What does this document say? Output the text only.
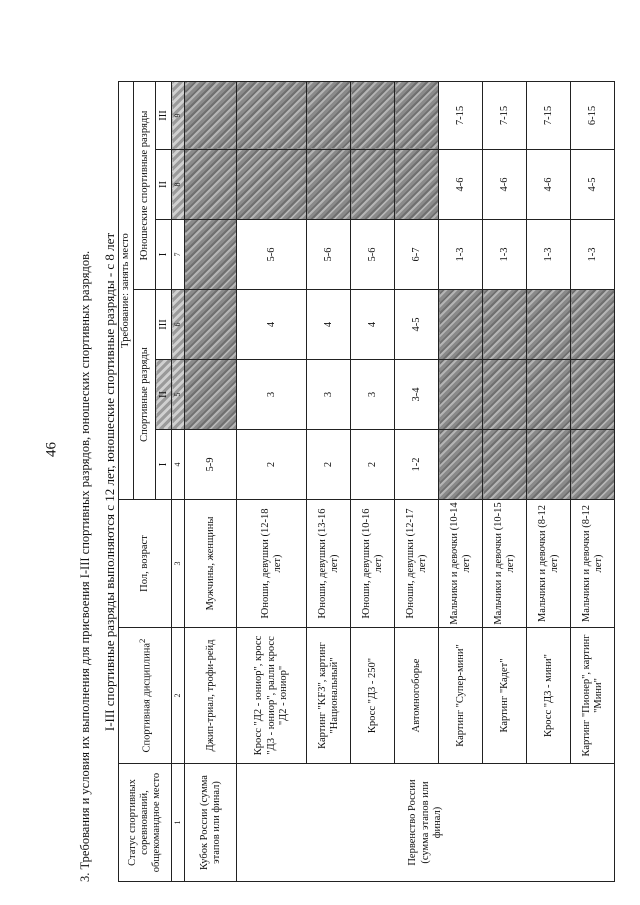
46 3. Требования и условия их выполнения для присвоения I-III спортивных разрядов, юношеских спортивных разрядов. I-III спортивные разряды выполняются с 12 лет, юношеские спортивные разряды - с 8 лет
Статус спортивных соревнований, общекомандное место	Спортивная дисциплина$^2$	Пол, возраст	Требование: занять место					
			Спортивные разряды			Юношеские спортивные разряды		
			I	II	III	I	II	III
1	2	3	4	5	6	7	8	9
Кубок России (сумма этапов или финал)	Джип-триал, трофи-рейд	Мужчины, женщины	5-9					
Первенство России (сумма этапов или финал)	Кросс "Д2 - юниор", кросс "Д3 - юниор", ралли кросс "Д2 - юниор"	Юноши, девушки (12-18 лет)	2	3	4	5-6		
	Картинг "KF3", картинг "Национальный"	Юноши, девушки (13-16 лет)	2	3	4	5-6		
	Кросс "Д3 - 250"	Юноши, девушки (10-16 лет)	2	3	4	5-6		
	Автомногоборье	Юноши, девушки (12-17 лет)	1-2	3-4	4-5	6-7		
	Картинг "Супер-мини"	Мальчики и девочки (10-14 лет)				1-3	4-6	7-15
	Картинг "Кадет"	Мальчики и девочки (10-15 лет)				1-3	4-6	7-15
	Кросс "Д3 - мини"	Мальчики и девочки (8-12 лет)				1-3	4-6	7-15
	Картинг "Пионер", картинг "Мини"	Мальчики и девочки (8-12 лет)				1-3	4-5	6-15
